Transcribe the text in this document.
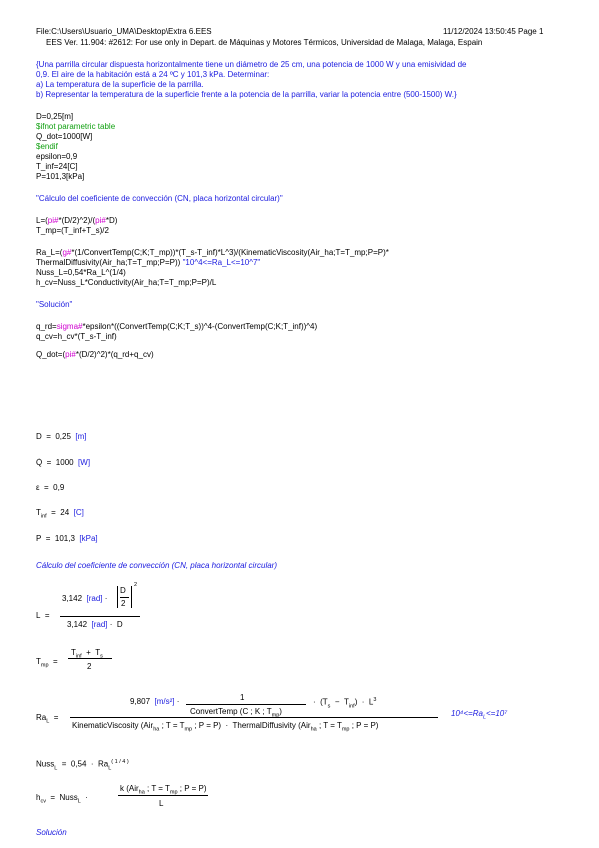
File:C:\Users\Usuario_UMA\Desktop\Extra 6.EES	11/12/2024 13:50:45 Page 1
EES Ver. 11.904: #2612: For use only in Depart. de Máquinas y Motores Térmicos, Universidad de Malaga, Malaga, Espain
{Una parrilla circular dispuesta horizontalmente tiene un diámetro de 25 cm, una potencia de 1000 W y una emisividad de
0,9. El aire de la habitación está a 24 ºC y 101,3 kPa. Determinar:
a) La temperatura de la superficie de la parrilla.
b) Representar la temperatura de la superficie frente a la potencia de la parrilla, variar la potencia entre (500-1500) W.}
D=0,25[m]
$ifnot parametric table
Q_dot=1000[W]
$endif
epsilon=0,9
T_inf=24[C]
P=101,3[kPa]
"Cálculo del coeficiente de convección (CN, placa horizontal circular)"
L=(pi#*(D/2)^2)/(pi#*D)
T_mp=(T_inf+T_s)/2
Ra_L=(g#*(1/ConvertTemp(C;K;T_mp))*(T_s-T_inf)*L^3)/(KinematicViscosity(Air_ha;T=T_mp;P=P)*
ThermalDiffusivity(Air_ha;T=T_mp;P=P)) "10^4<=Ra_L<=10^7"
Nuss_L=0,54*Ra_L^(1/4)
h_cv=Nuss_L*Conductivity(Air_ha;T=T_mp;P=P)/L
"Solución"
q_rd=sigma#*epsilon*((ConvertTemp(C;K;T_s))^4-(ConvertTemp(C;K;T_inf))^4)
q_cv=h_cv*(T_s-T_inf)
Q_dot=(pi#*(D/2)^2)*(q_rd+q_cv)
D  =  0,25 [m]
Q̇  =  1000 [W]
ε  =  0,9
$T_{inf} = 24$ [C]
P  =  101,3 [kPa]
Cálculo del coeficiente de convección (CN, placa horizontal circular)
L  =
3,142 [rad] ·
D
2
2
3,142 [rad] ·  D
$T_{mp}$  =
$T_{inf} + T_s$
2
$Ra_L$  =
9,807 [m/s²] ·	1
ConvertTemp (C ; K ; $T_{mp}$)
·  $(T_s - T_{inf}) \cdot L^3$
KinematicViscosity (Air$_{ha}$ ; $T = T_{mp}$ ; P = P)  ·  ThermalDiffusivity (Air$_{ha}$ ; $T = T_{mp}$ ; P = P)
$10^4<=Ra_L<=10^7$
Nuss$_L$  =  $0,54 \cdot Ra_L^{( 1 / 4 )}$
$h_{cv}$  =  Nuss$_L$  ·
k (Air$_{ha}$ ; $T = T_{mp}$ ; P = P)
L
Solución
